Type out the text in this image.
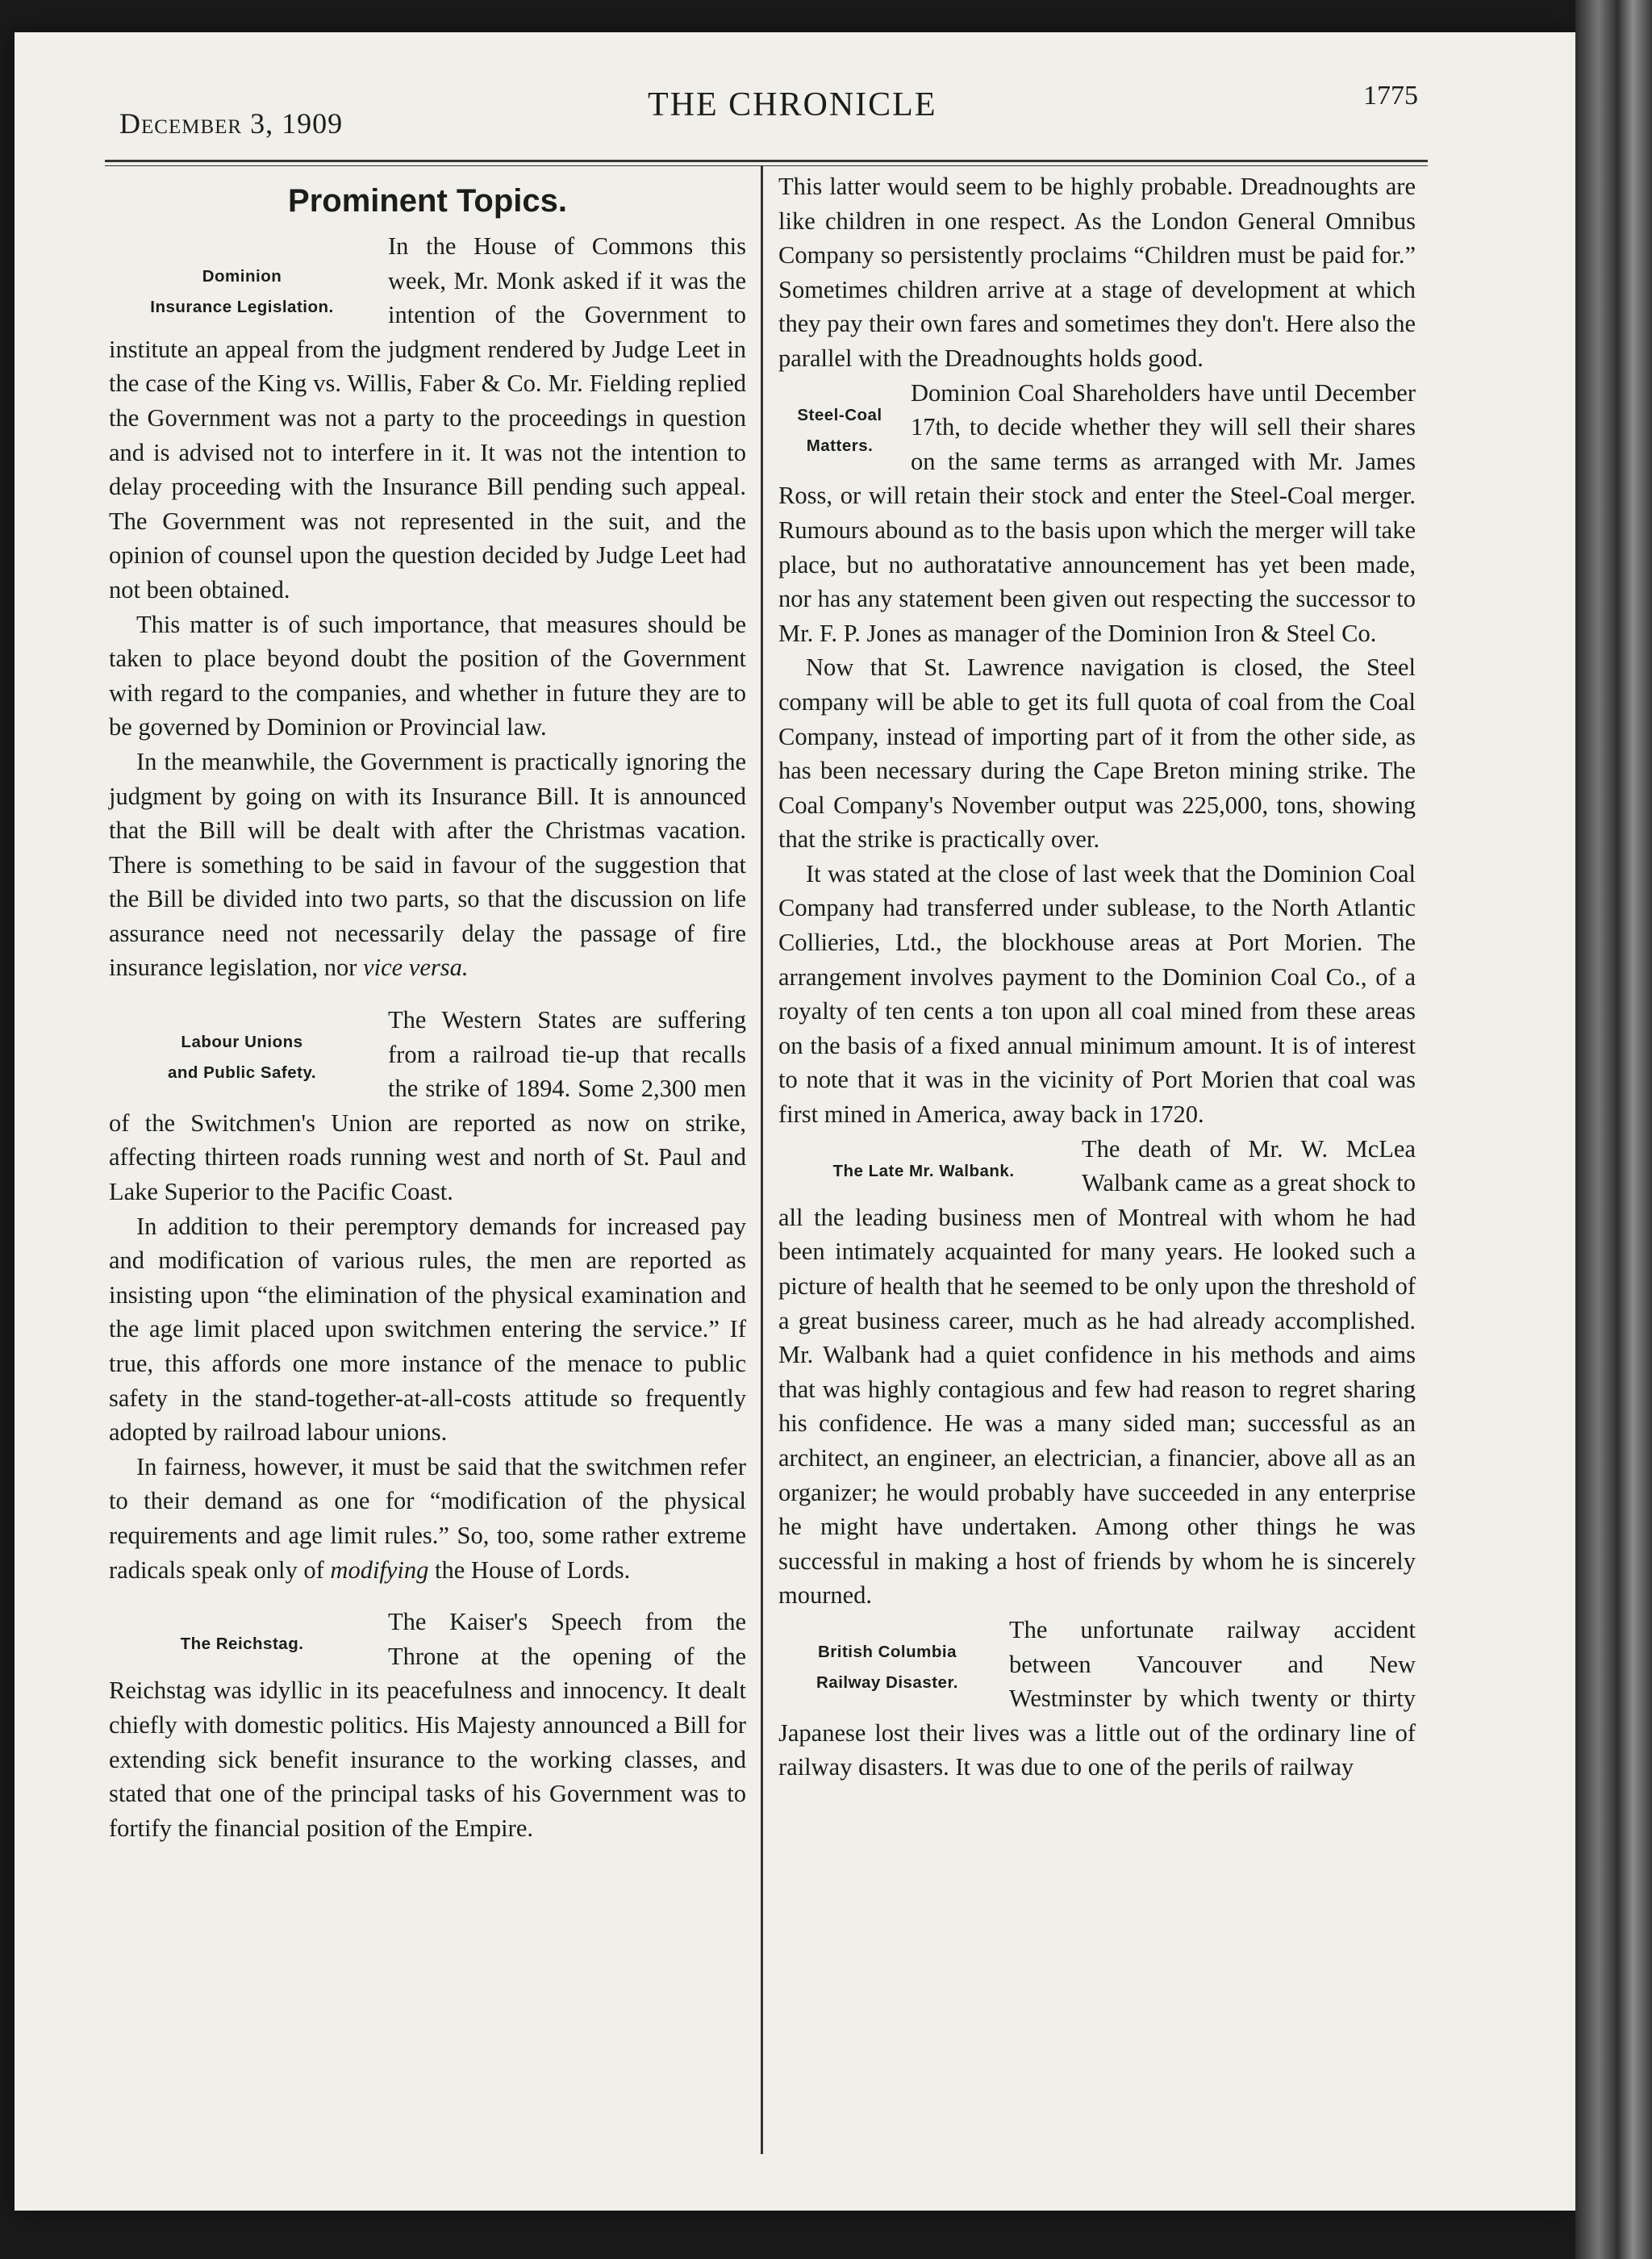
December 3, 1909	THE CHRONICLE	1775
Prominent Topics.
Dominion
Insurance Legislation.

In the House of Commons this week, Mr. Monk asked if it was the intention of the Government to institute an appeal from the judgment rendered by Judge Leet in the case of the King vs. Willis, Faber & Co. Mr. Fielding replied the Government was not a party to the proceedings in question and is advised not to interfere in it. It was not the intention to delay proceeding with the Insurance Bill pending such appeal. The Government was not represented in the suit, and the opinion of counsel upon the question decided by Judge Leet had not been obtained.

This matter is of such importance, that measures should be taken to place beyond doubt the position of the Government with regard to the companies, and whether in future they are to be governed by Dominion or Provincial law.

In the meanwhile, the Government is practically ignoring the judgment by going on with its Insurance Bill. It is announced that the Bill will be dealt with after the Christmas vacation. There is something to be said in favour of the suggestion that the Bill be divided into two parts, so that the discussion on life assurance need not necessarily delay the passage of fire insurance legislation, nor vice versa.

Labour Unions
and Public Safety.

The Western States are suffering from a railroad tie-up that recalls the strike of 1894. Some 2,300 men of the Switchmen's Union are reported as now on strike, affecting thirteen roads running west and north of St. Paul and Lake Superior to the Pacific Coast.

In addition to their peremptory demands for increased pay and modification of various rules, the men are reported as insisting upon “the elimination of the physical examination and the age limit placed upon switchmen entering the service.” If true, this affords one more instance of the menace to public safety in the stand-together-at-all-costs attitude so frequently adopted by railroad labour unions.

In fairness, however, it must be said that the switchmen refer to their demand as one for “modification of the physical requirements and age limit rules.” So, too, some rather extreme radicals speak only of modifying the House of Lords.

The Reichstag.

The Kaiser's Speech from the Throne at the opening of the Reichstag was idyllic in its peacefulness and innocency. It dealt chiefly with domestic politics. His Majesty announced a Bill for extending sick benefit insurance to the working classes, and stated that one of the principal tasks of his Government was to fortify the financial position of the Empire.

This latter would seem to be highly probable. Dreadnoughts are like children in one respect. As the London General Omnibus Company so persistently proclaims “Children must be paid for.” Sometimes children arrive at a stage of development at which they pay their own fares and sometimes they don't. Here also the parallel with the Dreadnoughts holds good.

Steel-Coal
Matters.

Dominion Coal Shareholders have until December 17th, to decide whether they will sell their shares on the same terms as arranged with Mr. James Ross, or will retain their stock and enter the Steel-Coal merger. Rumours abound as to the basis upon which the merger will take place, but no authoratative announcement has yet been made, nor has any statement been given out respecting the successor to Mr. F. P. Jones as manager of the Dominion Iron & Steel Co.

Now that St. Lawrence navigation is closed, the Steel company will be able to get its full quota of coal from the Coal Company, instead of importing part of it from the other side, as has been necessary during the Cape Breton mining strike. The Coal Company's November output was 225,000, tons, showing that the strike is practically over.

It was stated at the close of last week that the Dominion Coal Company had transferred under sublease, to the North Atlantic Collieries, Ltd., the blockhouse areas at Port Morien. The arrangement involves payment to the Dominion Coal Co., of a royalty of ten cents a ton upon all coal mined from these areas on the basis of a fixed annual minimum amount. It is of interest to note that it was in the vicinity of Port Morien that coal was first mined in America, away back in 1720.

The Late Mr. Walbank.

The death of Mr. W. McLea Walbank came as a great shock to all the leading business men of Montreal with whom he had been intimately acquainted for many years. He looked such a picture of health that he seemed to be only upon the threshold of a great business career, much as he had already accomplished. Mr. Walbank had a quiet confidence in his methods and aims that was highly contagious and few had reason to regret sharing his confidence. He was a many sided man; successful as an architect, an engineer, an electrician, a financier, above all as an organizer; he would probably have succeeded in any enterprise he might have undertaken. Among other things he was successful in making a host of friends by whom he is sincerely mourned.

British Columbia
Railway Disaster.

The unfortunate railway accident between Vancouver and New Westminster by which twenty or thirty Japanese lost their lives was a little out of the ordinary line of railway disasters. It was due to one of the perils of railway
